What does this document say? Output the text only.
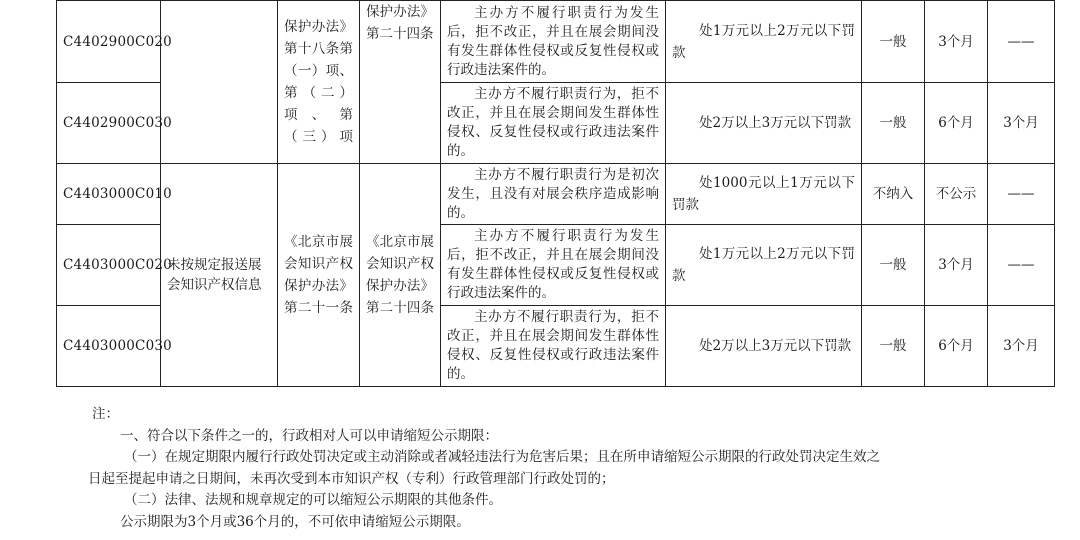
C4402900C020		保护办法》第十八条第（一）项、第（二）项、第（三）项	保护办法》第二十四条	主办方不履行职责行为发生后，拒不改正，并且在展会期间没有发生群体性侵权或反复性侵权或行政违法案件的。	处1万元以上2万元以下罚款	一般	3个月	——
C4402900C030				主办方不履行职责行为，拒不改正，并且在展会期间发生群体性侵权、反复性侵权或行政违法案件的。	处2万以上3万元以下罚款	一般	6个月	3个月
C4403000C010	未按规定报送展会知识产权信息	《北京市展会知识产权保护办法》第二十一条	《北京市展会知识产权保护办法》第二十四条	主办方不履行职责行为是初次发生，且没有对展会秩序造成影响的。	处1000元以上1万元以下罚款	不纳入	不公示	——
C4403000C020				主办方不履行职责行为发生后，拒不改正，并且在展会期间没有发生群体性侵权或反复性侵权或行政违法案件的。	处1万元以上2万元以下罚款	一般	3个月	——
C4403000C030				主办方不履行职责行为，拒不改正，并且在展会期间发生群体性侵权、反复性侵权或行政违法案件的。	处2万以上3万元以下罚款	一般	6个月	3个月

注：

一、符合以下条件之一的，行政相对人可以申请缩短公示期限：

（一）在规定期限内履行行政处罚决定或主动消除或者减轻违法行为危害后果；且在所申请缩短公示期限的行政处罚决定生效之

日起至提起申请之日期间，未再次受到本市知识产权（专利）行政管理部门行政处罚的；

（二）法律、法规和规章规定的可以缩短公示期限的其他条件。

公示期限为3个月或36个月的，不可依申请缩短公示期限。
